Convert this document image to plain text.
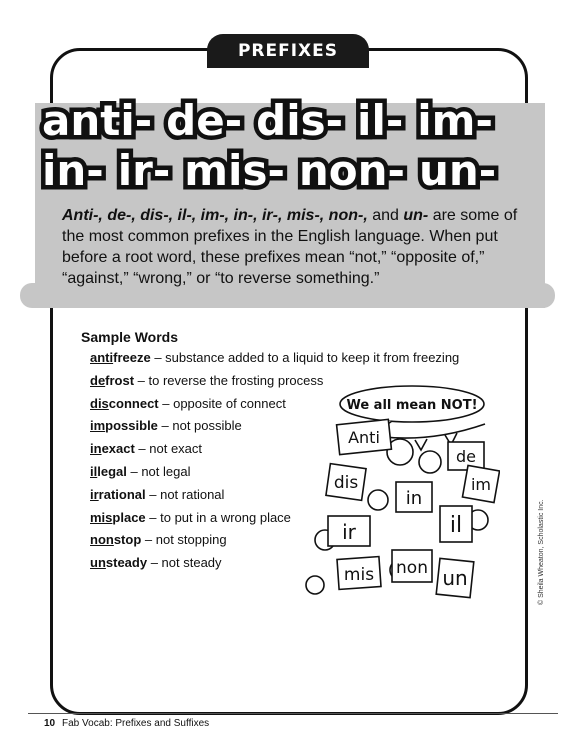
PREFIXES
anti- de- dis- il- im-
in- ir- mis- non- un-
Anti-, de-, dis-, il-, im-, in-, ir-, mis-, non-, and un- are some of the most common prefixes in the English language. When put before a root word, these prefixes mean “not,” “opposite of,” “against,” “wrong,” or “to reverse something.”
Sample Words
antifreeze – substance added to a liquid to keep it from freezing
defrost – to reverse the frosting process
disconnect – opposite of connect
impossible – not possible
inexact – not exact
illegal – not legal
irrational – not rational
misplace – to put in a wrong place
nonstop – not stopping
unsteady – not steady
We all mean NOT!
Anti
de
dis
in
im
ir	il
mis non un	© Sheila Wheaton, Scholastic Inc.
10 Fab Vocab: Prefixes and Suffixes
